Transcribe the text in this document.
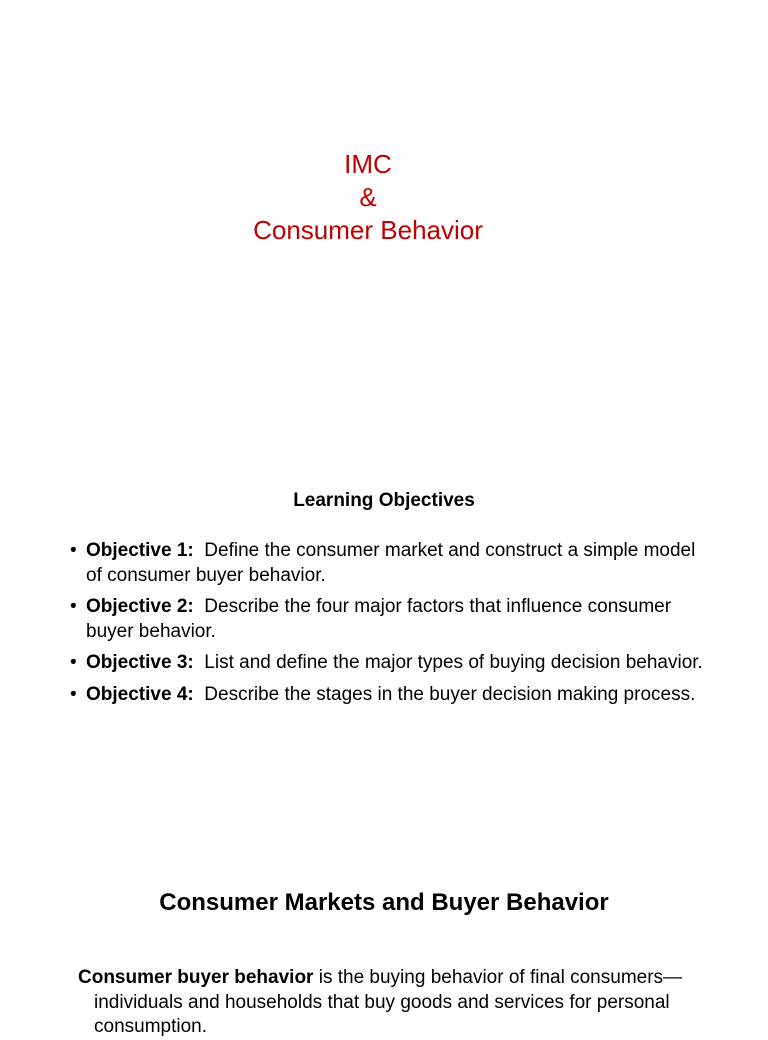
IMC
&
Consumer Behavior
Learning Objectives
• Objective 1: Define the consumer market and construct a simple model of consumer buyer behavior.
• Objective 2: Describe the four major factors that influence consumer buyer behavior.
• Objective 3: List and define the major types of buying decision behavior.
• Objective 4: Describe the stages in the buyer decision making process.
Consumer Markets and Buyer Behavior
Consumer buyer behavior is the buying behavior of final consumers—individuals and households that buy goods and services for personal consumption.
